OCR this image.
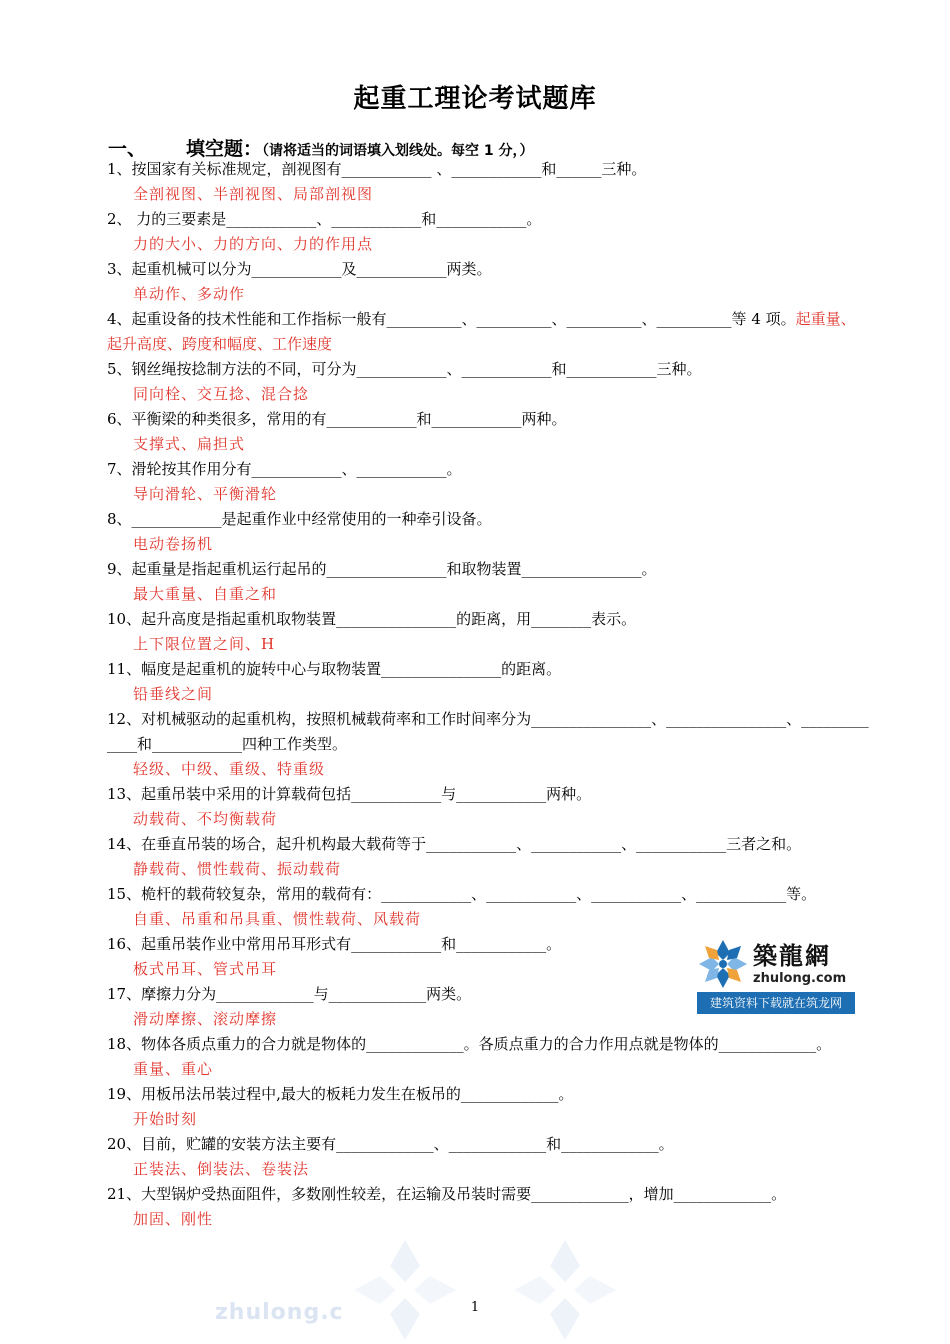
起重工理论考试题库
一、 填空题：（请将适当的词语填入划线处。每空 1 分，）
1、按国家有关标准规定，剖视图有____________ 、____________和______三种。
全剖视图、半剖视图、局部剖视图
2、 力的三要素是____________、____________和____________。
力的大小、力的方向、力的作用点
3、起重机械可以分为____________及____________两类。
单动作、多动作
4、起重设备的技术性能和工作指标一般有__________、__________、__________、__________等 4 项。起重量、起升高度、跨度和幅度、工作速度
5、钢丝绳按捻制方法的不同，可分为____________、____________和____________三种。
同向栓、交互捻、混合捻
6、平衡梁的种类很多，常用的有____________和____________两种。
支撑式、扁担式
7、滑轮按其作用分有____________、____________。
导向滑轮、平衡滑轮
8、____________是起重作业中经常使用的一种牵引设备。
电动卷扬机
9、起重量是指起重机运行起吊的________________和取物装置________________。
最大重量、自重之和
10、起升高度是指起重机取物装置________________的距离，用________表示。
上下限位置之间、H
11、幅度是起重机的旋转中心与取物装置________________的距离。
铅垂线之间
12、对机械驱动的起重机构，按照机械载荷率和工作时间率分为________________、________________、_____________和____________四种工作类型。
轻级、中级、重级、特重级
13、起重吊装中采用的计算载荷包括____________与____________两种。
动载荷、不均衡载荷
14、在垂直吊装的场合，起升机构最大载荷等于____________、____________、____________三者之和。
静载荷、惯性载荷、振动载荷
15、桅杆的载荷较复杂，常用的载荷有：____________、____________、____________、____________等。
自重、吊重和吊具重、惯性载荷、风载荷
16、起重吊装作业中常用吊耳形式有____________和____________。
板式吊耳、管式吊耳
17、摩擦力分为_____________与_____________两类。
滑动摩擦、滚动摩擦
18、物体各质点重力的合力就是物体的_____________。各质点重力的合力作用点就是物体的_____________。
重量、重心
19、用板吊法吊装过程中,最大的板耗力发生在板吊的_____________。
开始时刻
20、目前，贮罐的安装方法主要有_____________、_____________和_____________。
正装法、倒装法、卷装法
21、大型锅炉受热面阻件，多数刚性较差，在运输及吊装时需要_____________，增加_____________。
加固、刚性
築龍網
zhulong.com
建筑资料下载就在筑龙网
zhulong.c	1
